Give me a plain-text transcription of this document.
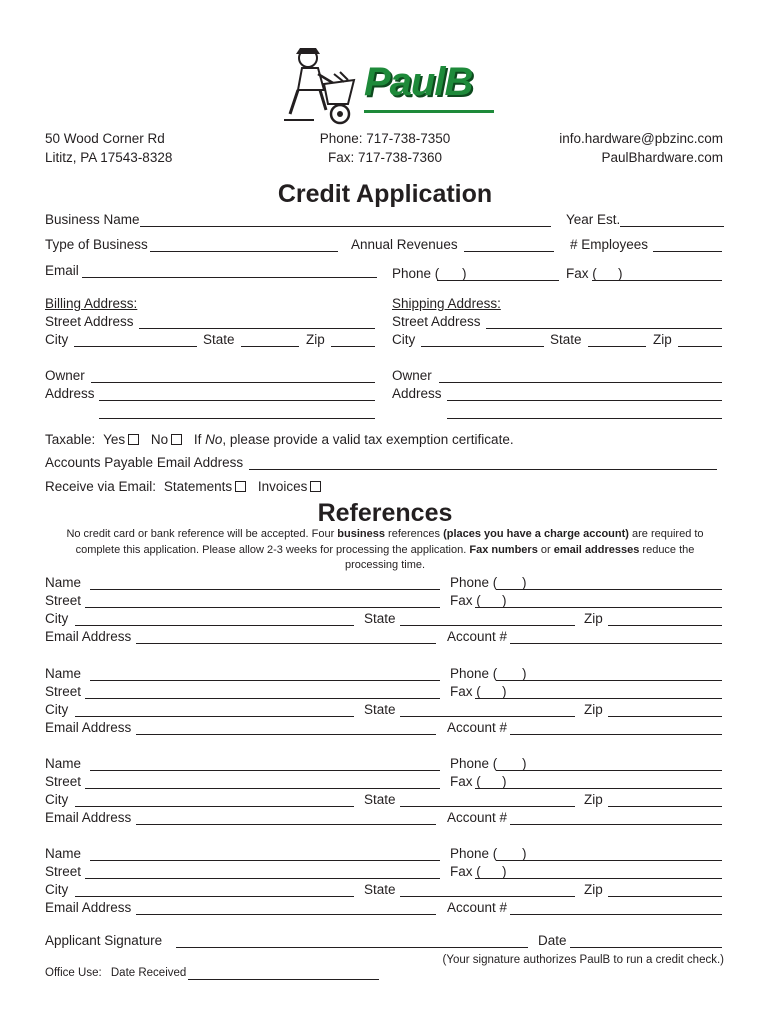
PaulB
50 Wood Corner Rd
Lititz, PA 17543-8328
Phone: 717-738-7350
Fax: 717-738-7360
info.hardware@pbzinc.com
PaulBhardware.com
Credit Application
Business Name	Year Est.
Type of Business	Annual Revenues	# Employees
Email	Phone ( )	Fax ( )
Billing Address:
Street Address
City	State	Zip
Shipping Address:
Street Address
City	State	Zip
Owner
Address
Owner
Address
Taxable: Yes No If No, please provide a valid tax exemption certificate.
Accounts Payable Email Address
Receive via Email: Statements Invoices
References
No credit card or bank reference will be accepted. Four business references (places you have a charge account) are required to
complete this application. Please allow 2-3 weeks for processing the application. Fax numbers or email addresses reduce the
processing time.
Name	Phone ( )
Street	Fax ( )
City	State	Zip
Email Address	Account #
Name	Phone ( )
Street	Fax ( )
City	State	Zip
Email Address	Account #
Name	Phone ( )
Street	Fax ( )
City	State	Zip
Email Address	Account #
Name	Phone ( )
Street	Fax ( )
City	State	Zip
Email Address	Account #
Applicant Signature	Date
(Your signature authorizes PaulB to run a credit check.)
Office Use: Date Received
